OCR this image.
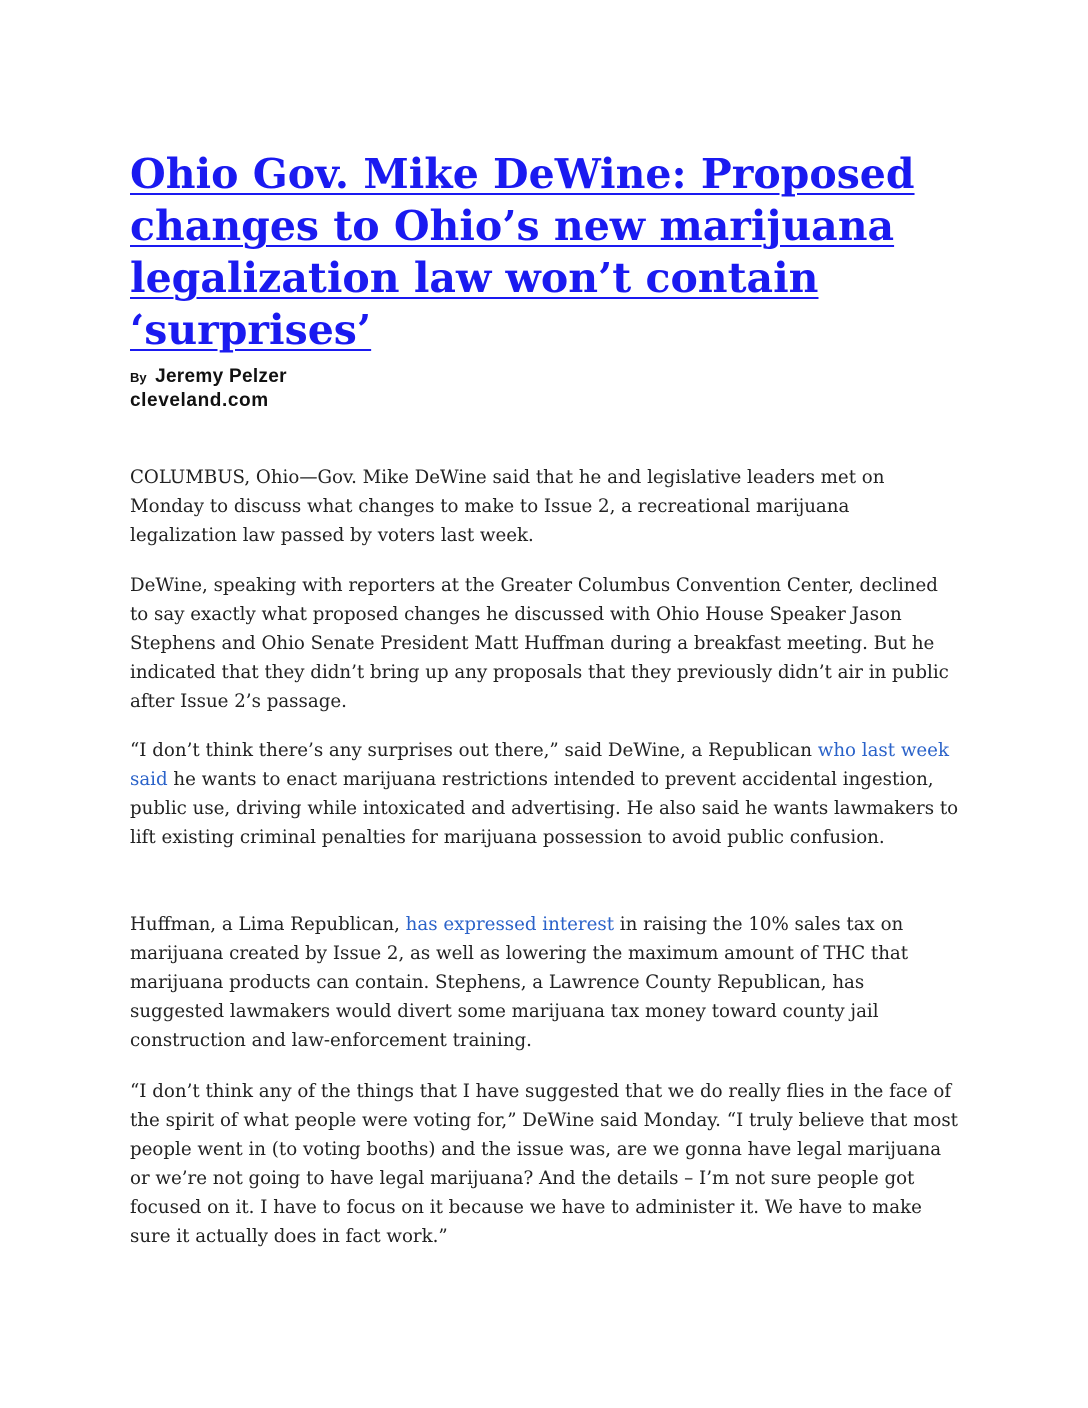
Ohio Gov. Mike DeWine: Proposed changes to Ohio’s new marijuana legalization law won’t contain ‘surprises’
By Jeremy Pelzer
cleveland.com

COLUMBUS, Ohio—Gov. Mike DeWine said that he and legislative leaders met on Monday to discuss what changes to make to Issue 2, a recreational marijuana legalization law passed by voters last week.

DeWine, speaking with reporters at the Greater Columbus Convention Center, declined to say exactly what proposed changes he discussed with Ohio House Speaker Jason Stephens and Ohio Senate President Matt Huffman during a breakfast meeting. But he indicated that they didn’t bring up any proposals that they previously didn’t air in public after Issue 2’s passage.

“I don’t think there’s any surprises out there,” said DeWine, a Republican who last week said he wants to enact marijuana restrictions intended to prevent accidental ingestion, public use, driving while intoxicated and advertising. He also said he wants lawmakers to lift existing criminal penalties for marijuana possession to avoid public confusion.

Huffman, a Lima Republican, has expressed interest in raising the 10% sales tax on marijuana created by Issue 2, as well as lowering the maximum amount of THC that marijuana products can contain. Stephens, a Lawrence County Republican, has suggested lawmakers would divert some marijuana tax money toward county jail construction and law-enforcement training.

“I don’t think any of the things that I have suggested that we do really flies in the face of the spirit of what people were voting for,” DeWine said Monday. “I truly believe that most people went in (to voting booths) and the issue was, are we gonna have legal marijuana or we’re not going to have legal marijuana? And the details – I’m not sure people got focused on it. I have to focus on it because we have to administer it. We have to make sure it actually does in fact work.”
